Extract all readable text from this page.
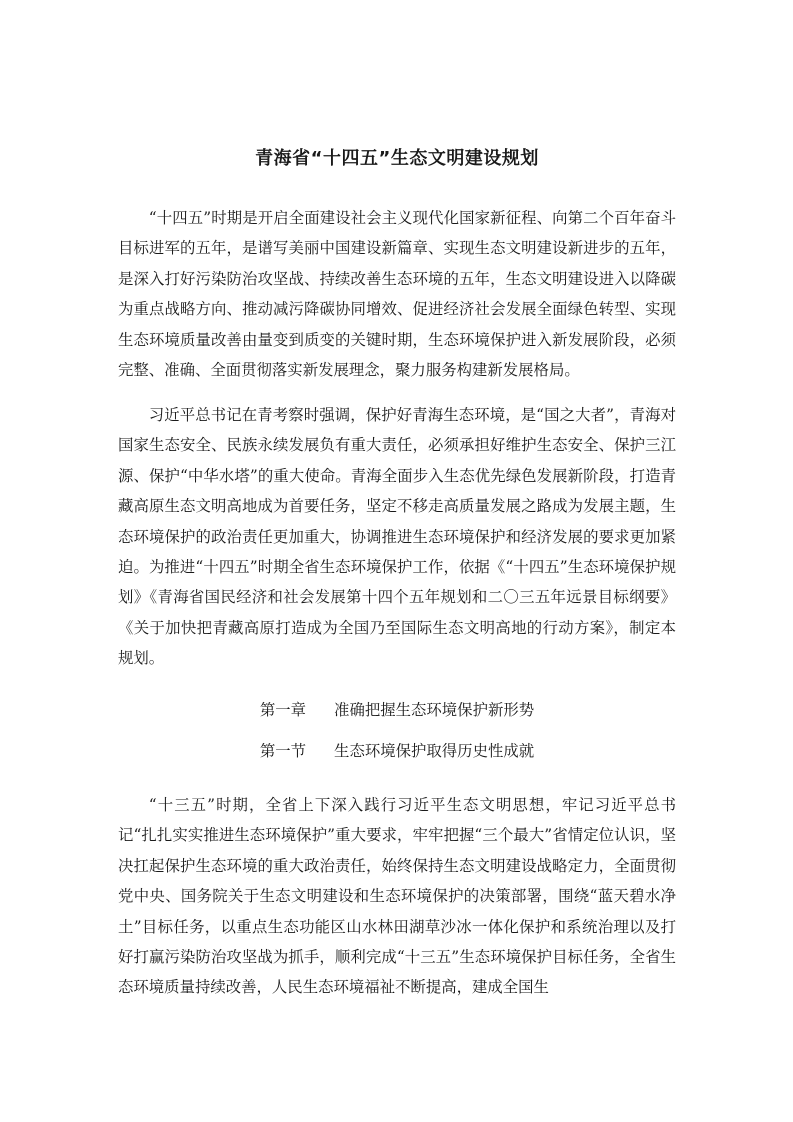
青海省“十四五”生态文明建设规划

“十四五”时期是开启全面建设社会主义现代化国家新征程、向第二个百年奋斗目标进军的五年，是谱写美丽中国建设新篇章、实现生态文明建设新进步的五年，是深入打好污染防治攻坚战、持续改善生态环境的五年，生态文明建设进入以降碳为重点战略方向、推动减污降碳协同增效、促进经济社会发展全面绿色转型、实现生态环境质量改善由量变到质变的关键时期，生态环境保护进入新发展阶段，必须完整、准确、全面贯彻落实新发展理念，聚力服务构建新发展格局。

习近平总书记在青考察时强调，保护好青海生态环境，是“国之大者”，青海对国家生态安全、民族永续发展负有重大责任，必须承担好维护生态安全、保护三江源、保护“中华水塔”的重大使命。青海全面步入生态优先绿色发展新阶段，打造青藏高原生态文明高地成为首要任务，坚定不移走高质量发展之路成为发展主题，生态环境保护的政治责任更加重大，协调推进生态环境保护和经济发展的要求更加紧迫。为推进“十四五”时期全省生态环境保护工作，依据《“十四五”生态环境保护规划》《青海省国民经济和社会发展第十四个五年规划和二〇三五年远景目标纲要》《关于加快把青藏高原打造成为全国乃至国际生态文明高地的行动方案》，制定本规划。

第一章 准确把握生态环境保护新形势
第一节 生态环境保护取得历史性成就

“十三五”时期，全省上下深入践行习近平生态文明思想，牢记习近平总书记“扎扎实实推进生态环境保护”重大要求，牢牢把握“三个最大”省情定位认识，坚决扛起保护生态环境的重大政治责任，始终保持生态文明建设战略定力，全面贯彻党中央、国务院关于生态文明建设和生态环境保护的决策部署，围绕“蓝天碧水净土”目标任务，以重点生态功能区山水林田湖草沙冰一体化保护和系统治理以及打好打赢污染防治攻坚战为抓手，顺利完成“十三五”生态环境保护目标任务，全省生态环境质量持续改善，人民生态环境福祉不断提高，建成全国生
